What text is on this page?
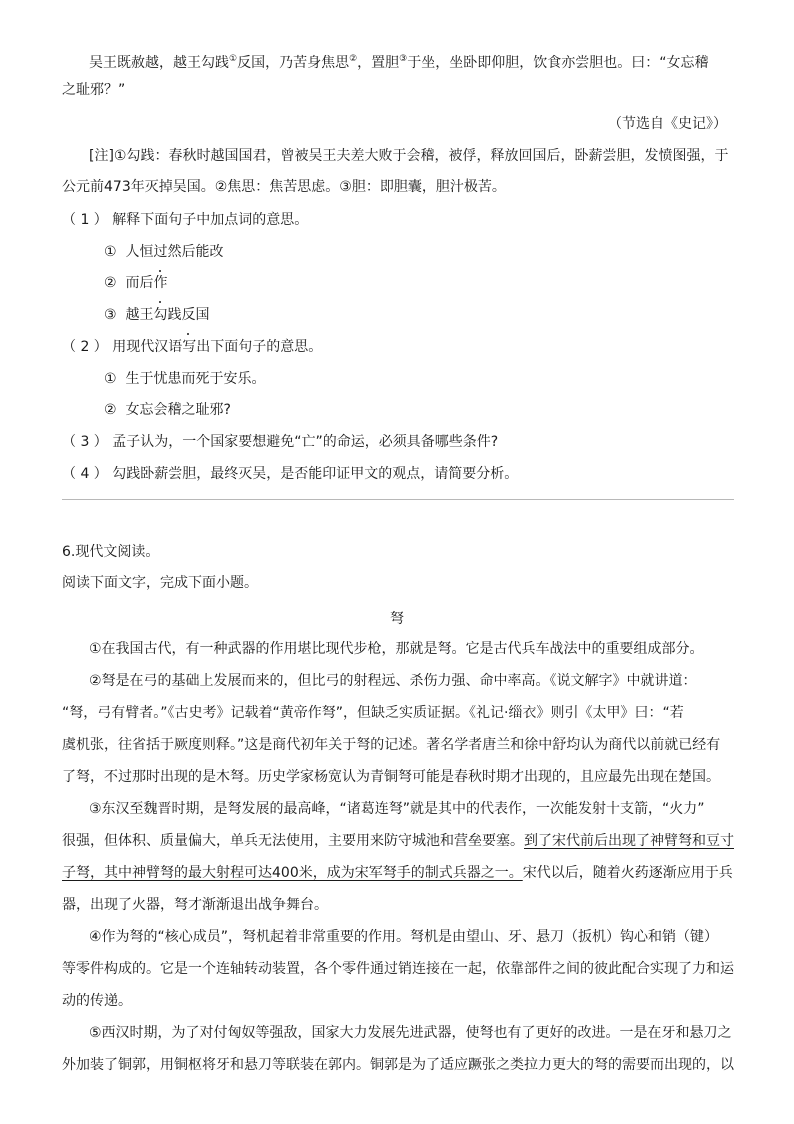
吴王既赦越，越王勾践①反国，乃苦身焦思②，置胆③于坐，坐卧即仰胆，饮食亦尝胆也。曰：“女忘稽

之耻邪？”

（节选自《史记》）

[注]①勾践：春秋时越国国君，曾被吴王夫差大败于会稽，被俘，释放回国后，卧薪尝胆，发愤图强，于

公元前473年灭掉吴国。②焦思：焦苦思虑。③胆：即胆囊，胆汁极苦。

（ 1 ） 解释下面句子中加点词的意思。

① 人恒过然后能改

② 而后作

③ 越王勾践反国

（ 2 ） 用现代汉语写出下面句子的意思。

① 生于忧患而死于安乐。

② 女忘会稽之耻邪?

（ 3 ） 孟子认为，一个国家要想避免“亡”的命运，必须具备哪些条件?

（ 4 ） 勾践卧薪尝胆，最终灭吴，是否能印证甲文的观点，请简要分析。

6.现代文阅读。

阅读下面文字，完成下面小题。

弩

①在我国古代，有一种武器的作用堪比现代步枪，那就是弩。它是古代兵车战法中的重要组成部分。

②弩是在弓的基础上发展而来的，但比弓的射程远、杀伤力强、命中率高。《说文解字》中就讲道：

“弩，弓有臂者。”《古史考》记载着“黄帝作弩”，但缺乏实质证据。《礼记·缁衣》则引《太甲》曰：“若

虞机张，往省括于厥度则释。”这是商代初年关于弩的记述。著名学者唐兰和徐中舒均认为商代以前就已经有

了弩，不过那时出现的是木弩。历史学家杨宽认为青铜弩可能是春秋时期才出现的，且应最先出现在楚国。

③东汉至魏晋时期，是弩发展的最高峰，“诸葛连弩”就是其中的代表作，一次能发射十支箭，“火力”

很强，但体积、质量偏大，单兵无法使用，主要用来防守城池和营垒要塞。到了宋代前后出现了神臂弩和豆寸

子弩，其中神臂弩的最大射程可达400米，成为宋军弩手的制式兵器之一。宋代以后，随着火药逐渐应用于兵

器，出现了火器，弩才渐渐退出战争舞台。

④作为弩的“核心成员”，弩机起着非常重要的作用。弩机是由望山、牙、悬刀（扳机）钩心和销（键）

等零件构成的。它是一个连轴转动装置，各个零件通过销连接在一起，依靠部件之间的彼此配合实现了力和运

动的传递。

⑤西汉时期，为了对付匈奴等强敌，国家大力发展先进武器，使弩也有了更好的改进。一是在牙和悬刀之

外加装了铜郭，用铜枢将牙和悬刀等联装在郭内。铜郭是为了适应蹶张之类拉力更大的弩的需要而出现的，以
